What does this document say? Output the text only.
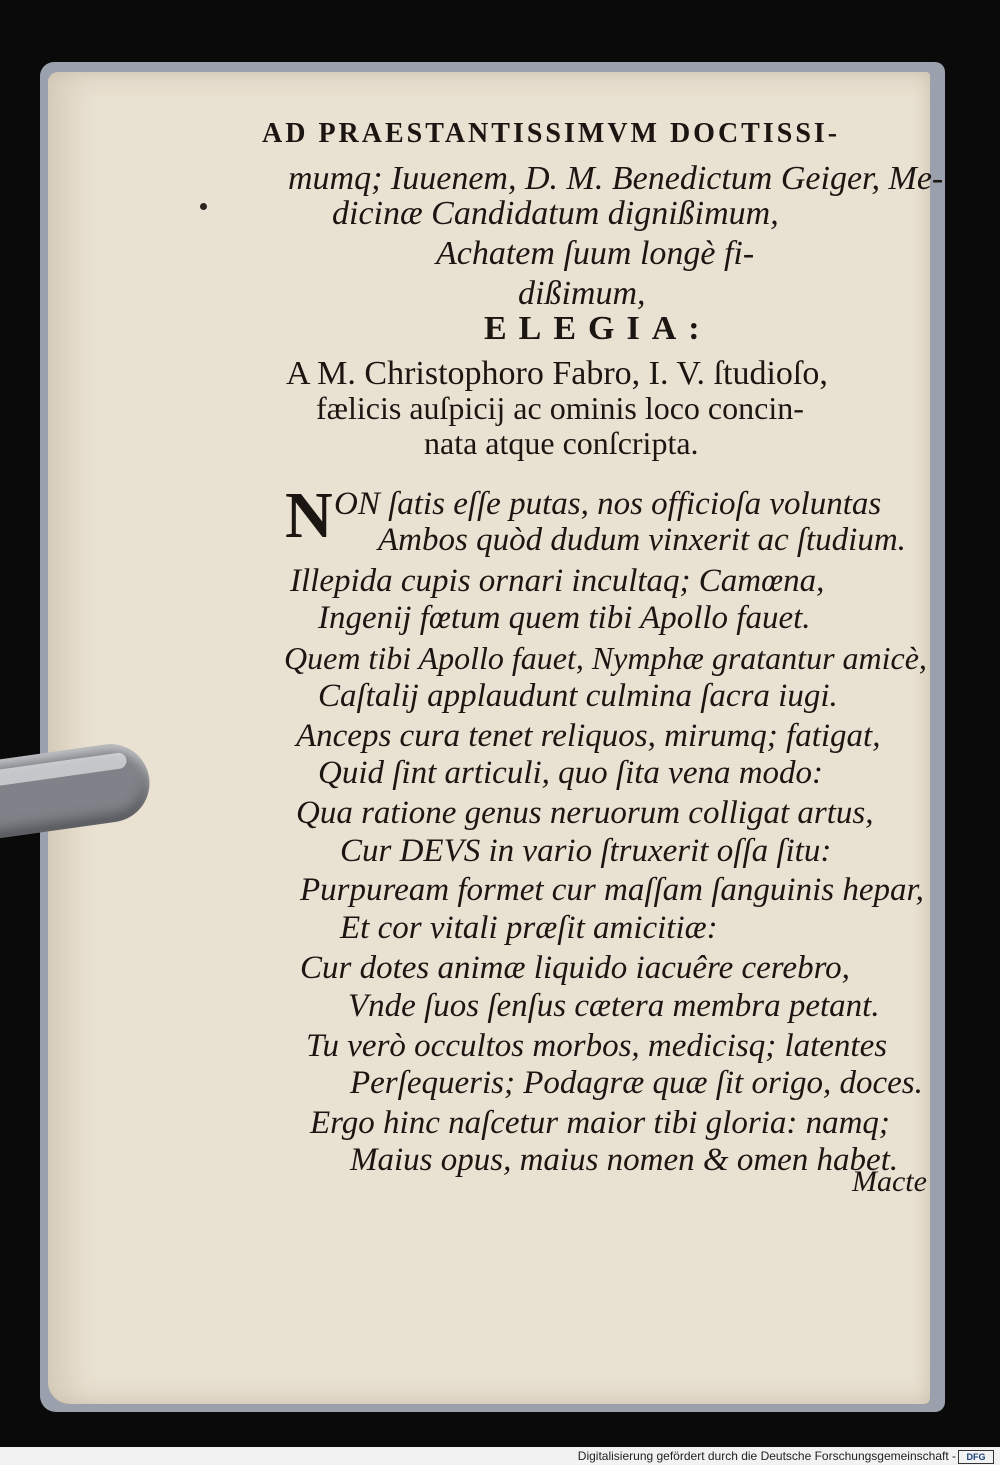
AD PRAESTANTISSIMVM DOCTISSI-
mumq; Iuuenem, D. M. Benedictum Geiger, Me-
dicinæ Candidatum dignißimum,
Achatem ſuum longè fi-
dißimum,
ELEGIA:
A M. Christophoro Fabro, I. V. ſtudioſo,
fælicis auſpicij ac ominis loco concin-
nata atque conſcripta.
N ON ſatis eſſe putas, nos officioſa voluntas
Ambos quòd dudum vinxerit ac ſtudium.
Illepida cupis ornari incultaq; Camœna,
Ingenij fœtum quem tibi Apollo fauet.
Quem tibi Apollo fauet, Nymphæ gratantur amicè,
Caſtalij applaudunt culmina ſacra iugi.
Anceps cura tenet reliquos, mirumq; fatigat,
Quid ſint articuli, quo ſita vena modo:
Qua ratione genus neruorum colligat artus,
Cur DEVS in vario ſtruxerit oſſa ſitu:
Purpuream formet cur maſſam ſanguinis hepar,
Et cor vitali præſit amicitiæ:
Cur dotes animæ liquido iacuêre cerebro,
Vnde ſuos ſenſus cætera membra petant.
Tu verò occultos morbos, medicisq; latentes
Perſequeris; Podagræ quæ ſit origo, doces.
Ergo hinc naſcetur maior tibi gloria: namq;
Maius opus, maius nomen & omen habet.
Macte
Digitalisierung gefördert durch die Deutsche Forschungsgemeinschaft -	DFG
